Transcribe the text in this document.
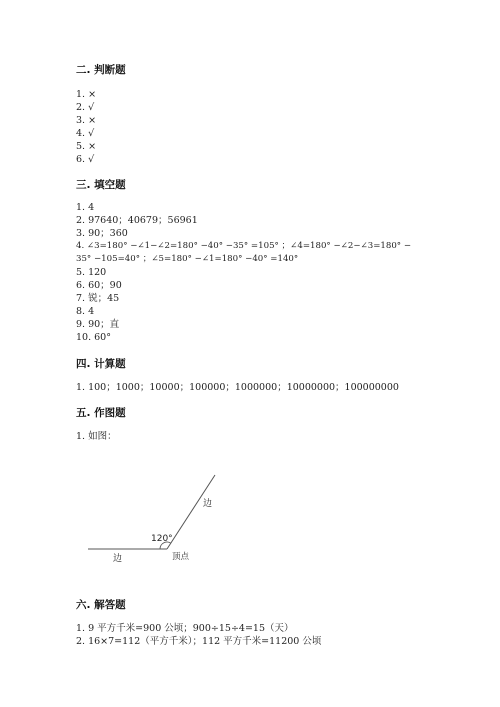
二. 判断题
1. ×
2. √
3. ×
4. √
5. ×
6. √
三. 填空题
1. 4
2. 97640；40679；56961
3. 90；360
4. ∠3=180° −∠1−∠2=180° −40° −35° =105° ；∠4=180° −∠2−∠3=180° −
35° −105=40° ；∠5=180° −∠1=180° −40° =140°
5. 120
6. 60；90
7. 锐；45
8. 4
9. 90；直
10. 60°
四. 计算题
1. 100；1000；10000；100000；1000000；10000000；100000000
五. 作图题
1. 如图：
边
120°
边	顶点
六. 解答题
1. 9 平方千米=900 公顷；900÷15÷4=15（天）
2. 16×7=112（平方千米）；112 平方千米=11200 公顷
